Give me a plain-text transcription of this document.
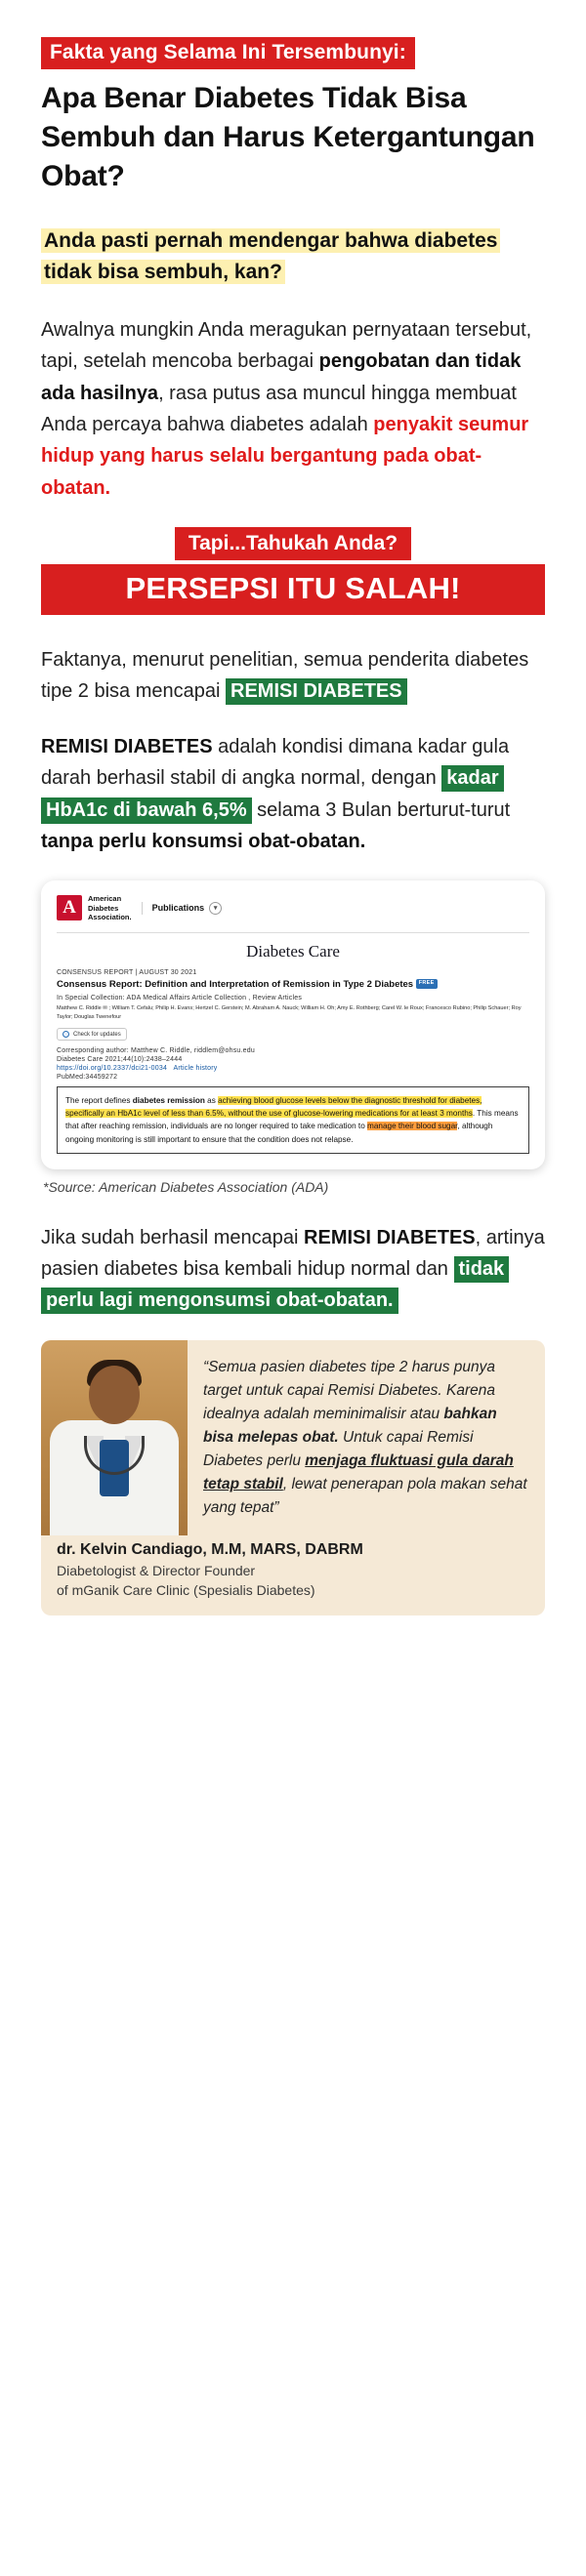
Fakta yang Selama Ini Tersembunyi:
Apa Benar Diabetes Tidak Bisa Sembuh dan Harus Ketergantungan Obat?

Anda pasti pernah mendengar bahwa diabetes tidak bisa sembuh, kan?

Awalnya mungkin Anda meragukan pernyataan tersebut, tapi, setelah mencoba berbagai pengobatan dan tidak ada hasilnya, rasa putus asa muncul hingga membuat Anda percaya bahwa diabetes adalah penyakit seumur hidup yang harus selalu bergantung pada obat-obatan.

Tapi...Tahukah Anda?
PERSEPSI ITU SALAH!

Faktanya, menurut penelitian, semua penderita diabetes tipe 2 bisa mencapai REMISI DIABETES

REMISI DIABETES adalah kondisi dimana kadar gula darah berhasil stabil di angka normal, dengan kadar HbA1c di bawah 6,5% selama 3 Bulan berturut-turut tanpa perlu konsumsi obat-obatan.

A	American
Diabetes
Association.
Publications	▾
Diabetes Care
CONSENSUS REPORT | AUGUST 30 2021
Consensus Report: Definition and Interpretation of Remission in Type 2 Diabetes FREE
In Special Collection: ADA Medical Affairs Article Collection , Review Articles
Matthew C. Riddle ✉ ; William T. Cefalu; Philip H. Evans; Hertzel C. Gerstein; M. Abraham A. Nauck; William H. Oh; Amy E. Rothberg; Carel W. le Roux; Francesco Rubino; Philip Schauer; Roy Taylor; Douglas Twenefour
Check for updates
Corresponding author: Matthew C. Riddle, riddlem@ohsu.edu
Diabetes Care 2021;44(10):2438–2444
https://doi.org/10.2337/dci21-0034 Article history
PubMed:34459272
The report defines diabetes remission as achieving blood glucose levels below the diagnostic threshold for diabetes, specifically an HbA1c level of less than 6.5%, without the use of glucose-lowering medications for at least 3 months. This means that after reaching remission, individuals are no longer required to take medication to manage their blood sugar, although ongoing monitoring is still important to ensure that the condition does not relapse.
*Source: American Diabetes Association (ADA)

Jika sudah berhasil mencapai REMISI DIABETES, artinya pasien diabetes bisa kembali hidup normal dan tidak perlu lagi mengonsumsi obat-obatan.

“Semua pasien diabetes tipe 2 harus punya target untuk capai Remisi Diabetes. Karena idealnya adalah meminimalisir atau bahkan bisa melepas obat. Untuk capai Remisi Diabetes perlu menjaga fluktuasi gula darah tetap stabil, lewat penerapan pola makan sehat yang tepat”
dr. Kelvin Candiago, M.M, MARS, DABRM
Diabetologist & Director Founder
of mGanik Care Clinic (Spesialis Diabetes)
